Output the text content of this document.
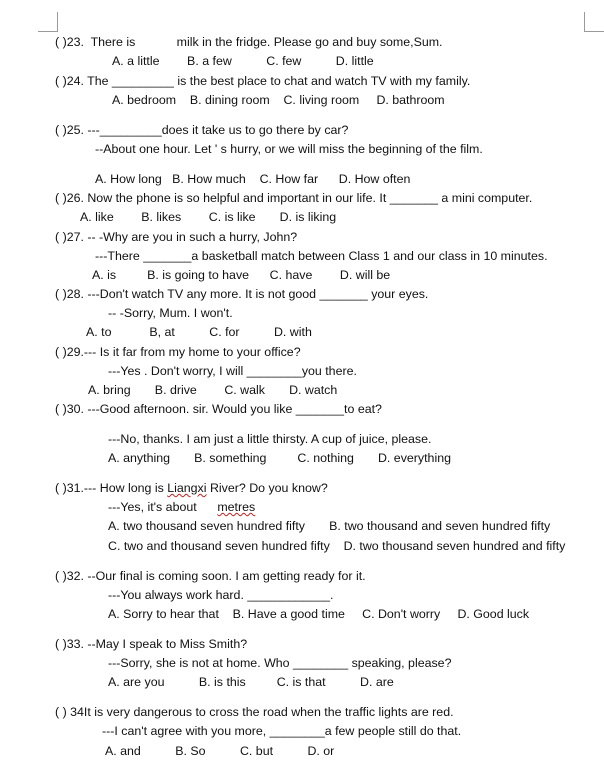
( )23.  There is            milk in the fridge. Please go and buy some,Sum.
A. a little        B. a few          C. few          D. little
( )24. The _________ is the best place to chat and watch TV with my family.
A. bedroom    B. dining room    C. living room     D. bathroom
( )25. ---_________does it take us to go there by car?
--About one hour. Let ' s hurry, or we will miss the beginning of the film.
A. How long   B. How much    C. How far      D. How often
( )26. Now the phone is so helpful and important in our life. It _______ a mini computer.
A. like        B. likes        C. is like       D. is liking
( )27. -- -Why are you in such a hurry, John?
---There _______a basketball match between Class 1 and our class in 10 minutes.
A. is         B. is going to have      C. have        D. will be
( )28. ---Don't watch TV any more. It is not good _______ your eyes.
-- -Sorry, Mum. I won't.
A. to           B, at          C. for          D. with
( )29.--- Is it far from my home to your office?
---Yes . Don't worry, I will ________you there.
A. bring       B. drive        C. walk       D. watch
( )30. ---Good afternoon. sir. Would you like _______to eat?
---No, thanks. I am just a little thirsty. A cup of juice, please.
A. anything       B. something         C. nothing       D. everything
( )31.--- How long is Liangxi River? Do you know?
---Yes, it's about      metres
A. two thousand seven hundred fifty       B. two thousand and seven hundred fifty
C. two and thousand seven hundred fifty    D. two thousand seven hundred and fifty
( )32. --Our final is coming soon. I am getting ready for it.
---You always work hard. ____________.
A. Sorry to hear that    B. Have a good time     C. Don't worry     D. Good luck
( )33. --May I speak to Miss Smith?
---Sorry, she is not at home. Who ________ speaking, please?
A. are you          B. is this         C. is that          D. are
( ) 34It is very dangerous to cross the road when the traffic lights are red.
---I can't agree with you more, ________a few people still do that.
A. and          B. So          C. but          D. or
